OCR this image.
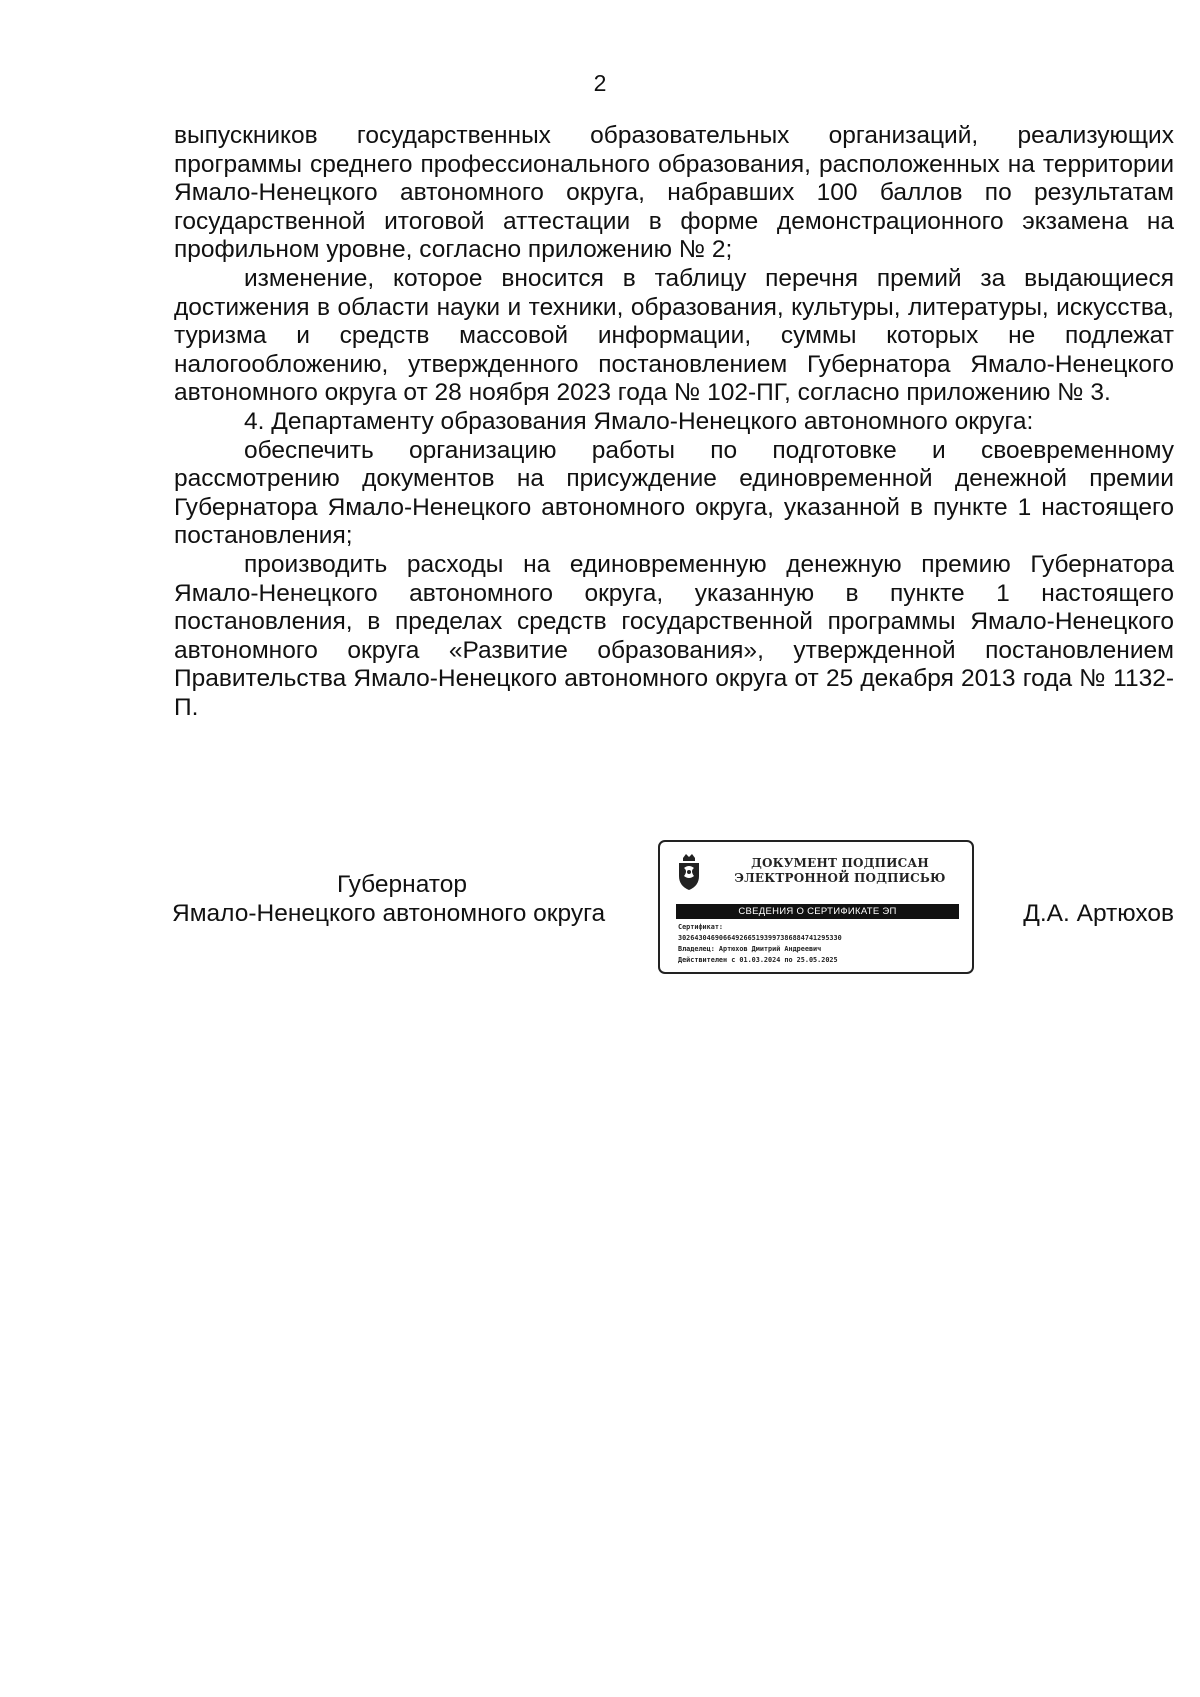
2

выпускников государственных образовательных организаций, реализующих программы среднего профессионального образования, расположенных на территории Ямало-Ненецкого автономного округа, набравших 100 баллов по результатам государственной итоговой аттестации в форме демонстрационного экзамена на профильном уровне, согласно приложению № 2;

изменение, которое вносится в таблицу перечня премий за выдающиеся достижения в области науки и техники, образования, культуры, литературы, искусства, туризма и средств массовой информации, суммы которых не подлежат налогообложению, утвержденного постановлением Губернатора Ямало-Ненецкого автономного округа от 28 ноября 2023 года № 102-ПГ, согласно приложению № 3.

4. Департаменту образования Ямало-Ненецкого автономного округа:

обеспечить организацию работы по подготовке и своевременному рассмотрению документов на присуждение единовременной денежной премии Губернатора Ямало-Ненецкого автономного округа, указанной в пункте 1 настоящего постановления;

производить расходы на единовременную денежную премию Губернатора Ямало-Ненецкого автономного округа, указанную в пункте 1 настоящего постановления, в пределах средств государственной программы Ямало-Ненецкого автономного округа «Развитие образования», утвержденной постановлением Правительства Ямало-Ненецкого автономного округа от 25 декабря 2013 года № 1132-П.

Губернатор
Ямало-Ненецкого автономного округа
ДОКУМЕНТ ПОДПИСАН
ЭЛЕКТРОННОЙ ПОДПИСЬЮ
СВЕДЕНИЯ О СЕРТИФИКАТЕ ЭП
Сертификат:
3026430469066492665193997386884741295330
Владелец: Артюхов Дмитрий Андреевич
Действителен с 01.03.2024 по 25.05.2025
Д.А. Артюхов
